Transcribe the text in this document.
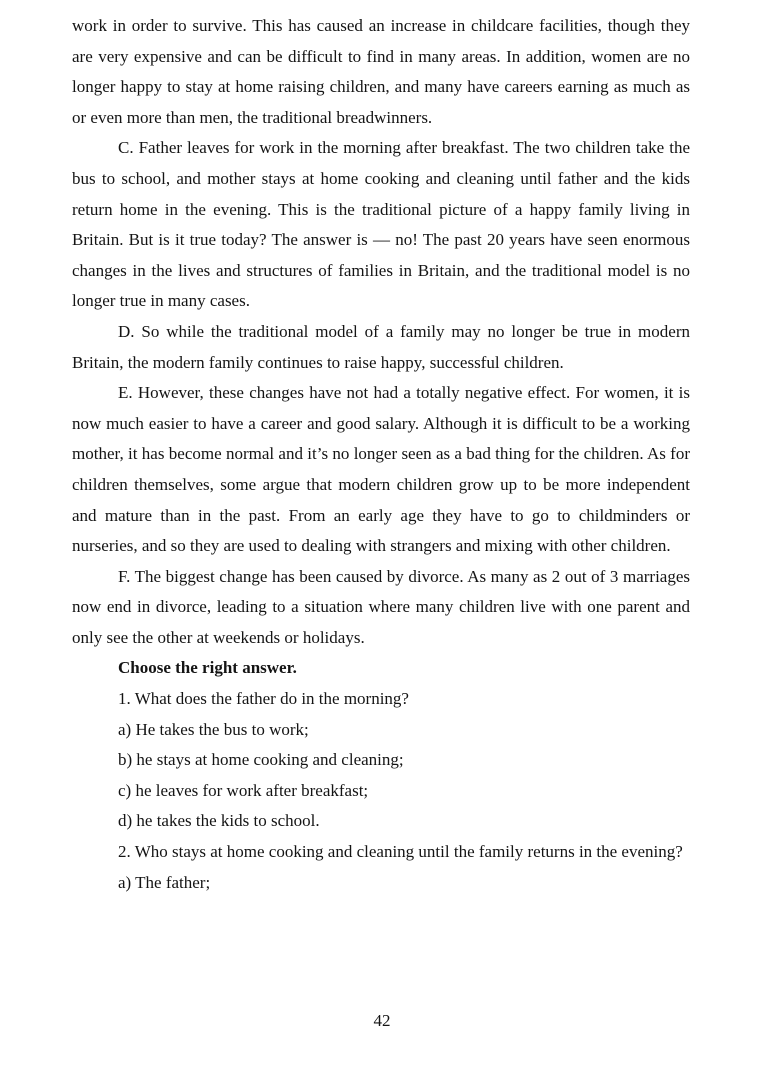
work in order to survive. This has caused an increase in childcare facilities, though they are very expensive and can be difficult to find in many areas. In addition, women are no longer happy to stay at home raising children, and many have careers earning as much as or even more than men, the traditional breadwinners.

C. Father leaves for work in the morning after breakfast. The two children take the bus to school, and mother stays at home cooking and cleaning until father and the kids return home in the evening. This is the traditional picture of a happy family living in Britain. But is it true today? The answer is — no! The past 20 years have seen enormous changes in the lives and structures of families in Britain, and the traditional model is no longer true in many cases.

D. So while the traditional model of a family may no longer be true in modern Britain, the modern family continues to raise happy, successful children.

E. However, these changes have not had a totally negative effect. For women, it is now much easier to have a career and good salary. Although it is difficult to be a working mother, it has become normal and it’s no longer seen as a bad thing for the children. As for children themselves, some argue that modern children grow up to be more independent and mature than in the past. From an early age they have to go to childminders or nurseries, and so they are used to dealing with strangers and mixing with other children.

F. The biggest change has been caused by divorce. As many as 2 out of 3 marriages now end in divorce, leading to a situation where many children live with one parent and only see the other at weekends or holidays.

Choose the right answer.

1. What does the father do in the morning?

a) He takes the bus to work;

b) he stays at home cooking and cleaning;

c) he leaves for work after breakfast;

d) he takes the kids to school.

2. Who stays at home cooking and cleaning until the family returns in the evening?

a) The father;

42
